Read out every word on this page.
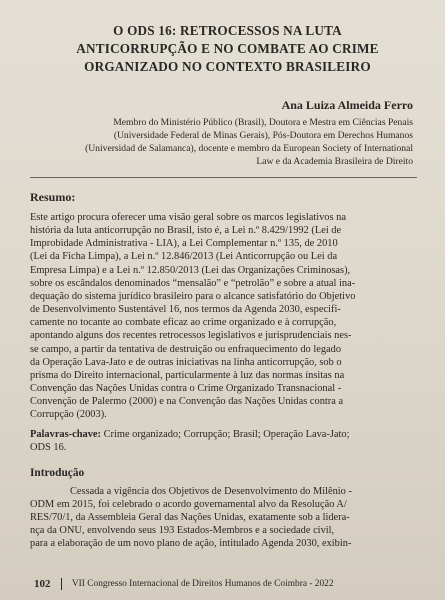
O ODS 16: RETROCESSOS NA LUTA
ANTICORRUPÇÃO E NO COMBATE AO CRIME
ORGANIZADO NO CONTEXTO BRASILEIRO
Ana Luiza Almeida Ferro
Membro do Ministério Público (Brasil), Doutora e Mestra em Ciências Penais
(Universidade Federal de Minas Gerais), Pós-Doutora em Derechos Humanos
(Universidad de Salamanca), docente e membro da European Society of International
Law e da Academia Brasileira de Direito
Resumo:
Este artigo procura oferecer uma visão geral sobre os marcos legislativos na
história da luta anticorrupção no Brasil, isto é, a Lei n.º 8.429/1992 (Lei de
Improbidade Administrativa - LIA), a Lei Complementar n.º 135, de 2010
(Lei da Ficha Limpa), a Lei n.º 12.846/2013 (Lei Anticorrupção ou Lei da
Empresa Limpa) e a Lei n.º 12.850/2013 (Lei das Organizações Criminosas),
sobre os escândalos denominados “mensalão” e “petrolão” e sobre a atual ina-
dequação do sistema jurídico brasileiro para o alcance satisfatório do Objetivo
de Desenvolvimento Sustentável 16, nos termos da Agenda 2030, especifi-
camente no tocante ao combate eficaz ao crime organizado e à corrupção,
apontando alguns dos recentes retrocessos legislativos e jurisprudenciais nes-
se campo, a partir da tentativa de destruição ou enfraquecimento do legado
da Operação Lava-Jato e de outras iniciativas na linha anticorrupção, sob o
prisma do Direito internacional, particularmente à luz das normas ínsitas na
Convenção das Nações Unidas contra o Crime Organizado Transnacional -
Convenção de Palermo (2000) e na Convenção das Nações Unidas contra a
Corrupção (2003).
Palavras-chave: Crime organizado; Corrupção; Brasil; Operação Lava-Jato;
ODS 16.
Introdução
Cessada a vigência dos Objetivos de Desenvolvimento do Milênio -
ODM em 2015, foi celebrado o acordo governamental alvo da Resolução A/
RES/70/1, da Assembleia Geral das Nações Unidas, exatamente sob a lidera-
nça da ONU, envolvendo seus 193 Estados-Membros e a sociedade civil,
para a elaboração de um novo plano de ação, intitulado Agenda 2030, exibin-
102 VII Congresso Internacional de Direitos Humanos de Coimbra - 2022
